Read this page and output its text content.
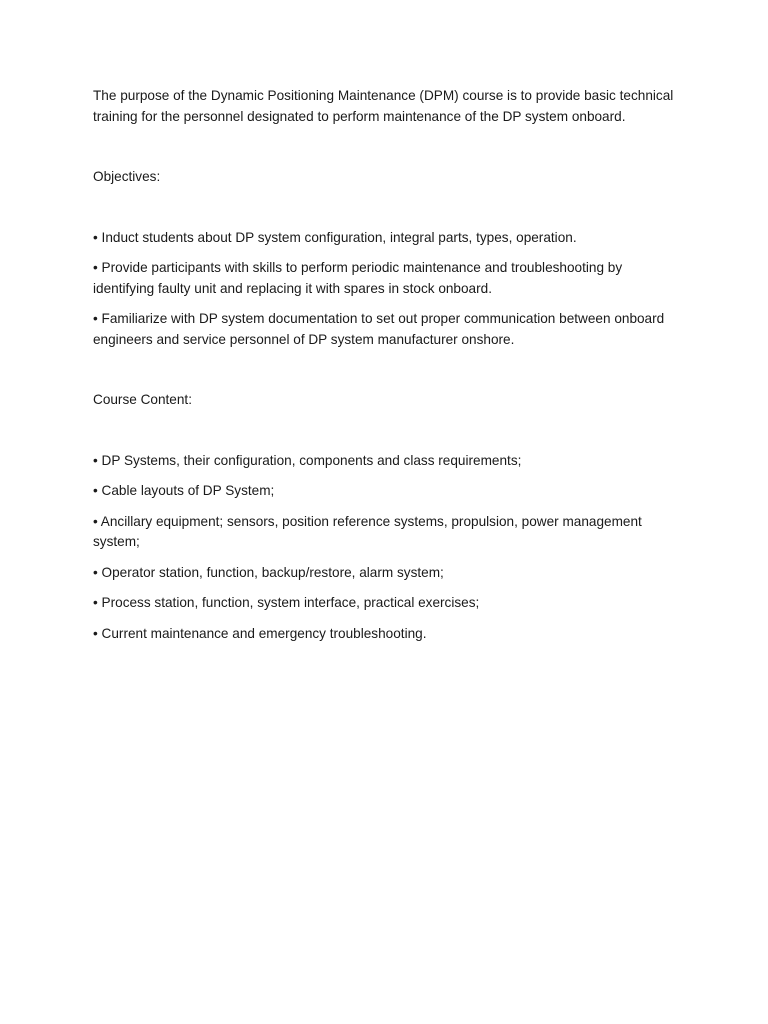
The purpose of the Dynamic Positioning Maintenance (DPM) course is to provide basic technical training for the personnel designated to perform maintenance of the DP system onboard.

Objectives:

• Induct students about DP system configuration, integral parts, types, operation.
• Provide participants with skills to perform periodic maintenance and troubleshooting by identifying faulty unit and replacing it with spares in stock onboard.
• Familiarize with DP system documentation to set out proper communication between onboard engineers and service personnel of DP system manufacturer onshore.

Course Content:

• DP Systems, their configuration, components and class requirements;
• Cable layouts of DP System;
• Ancillary equipment; sensors, position reference systems, propulsion, power management system;
• Operator station, function, backup/restore, alarm system;
• Process station, function, system interface, practical exercises;
• Current maintenance and emergency troubleshooting.
